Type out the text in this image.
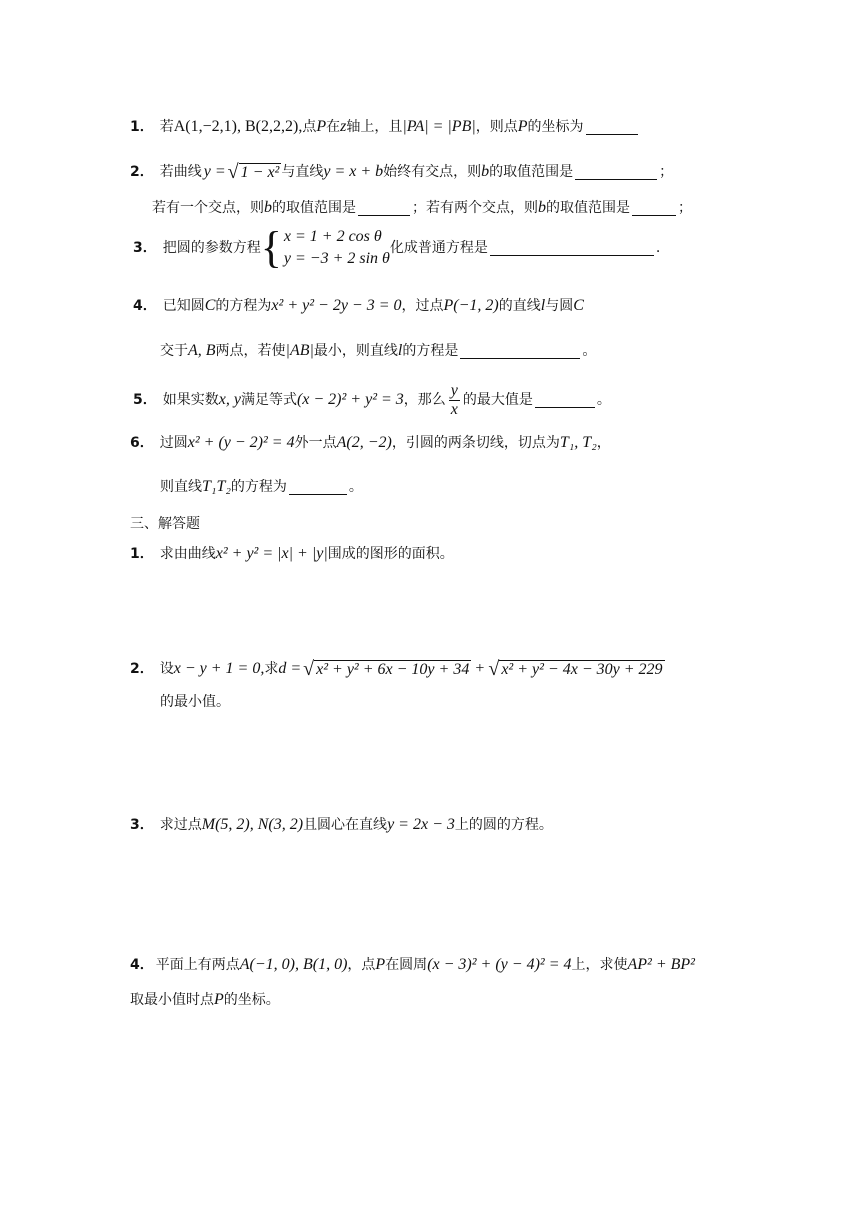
1． 若 A(1,−2,1), B(2,2,2), 点 P 在 z 轴上，且 |PA| = |PB| ，则点 P 的坐标为
2． 若曲线 y = √ 1 − x² 与直线 y = x + b 始终有交点，则 b 的取值范围是	；
若有一个交点，则 b 的取值范围是	；若有两个交点，则 b 的取值范围是	；
3． 把圆的参数方程 { x = 1 + 2 cos θ
y = −3 + 2 sin θ
化成普通方程是	.
4． 已知圆 C 的方程为 x² + y² − 2y − 3 = 0 ，过点 P(−1, 2) 的直线 l 与圆 C
交于 A, B 两点，若使 |AB| 最小，则直线 l 的方程是	。
5． 如果实数 x, y 满足等式 (x − 2)² + y² = 3 ，那么 $\frac{y}{x}$ 的最大值是	。
6． 过圆 x² + (y − 2)² = 4 外一点 A(2, −2) ，引圆的两条切线，切点为 T₁, T₂ ，
则直线 T₁T₂ 的方程为	。
三、解答题
1． 求由曲线 x² + y² = |x| + |y| 围成的图形的面积。
2． 设 x − y + 1 = 0, 求 d = √ x² + y² + 6x − 10y + 34 + √ x² + y² − 4x − 30y + 229
的最小值。
3． 求过点 M(5, 2), N(3, 2) 且圆心在直线 y = 2x − 3 上的圆的方程。
4． 平面上有两点 A(−1, 0), B(1, 0) ，点 P 在圆周 (x − 3)² + (y − 4)² = 4 上，求使 AP² + BP²
取最小值时点 P 的坐标。
